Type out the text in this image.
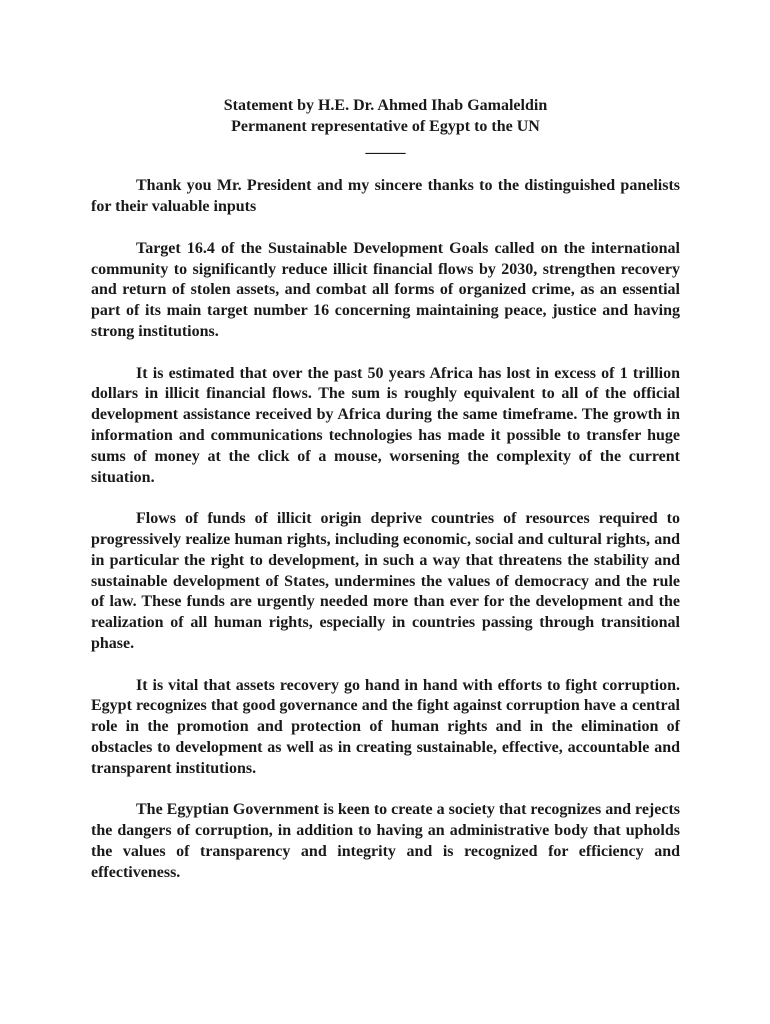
Statement by H.E. Dr. Ahmed Ihab Gamaleldin
Permanent representative of Egypt to the UN
_____

Thank you Mr. President and my sincere thanks to the distinguished panelists for their valuable inputs

Target 16.4 of the Sustainable Development Goals called on the international community to significantly reduce illicit financial flows by 2030, strengthen recovery and return of stolen assets, and combat all forms of organized crime, as an essential part of its main target number 16 concerning maintaining peace, justice and having strong institutions.

It is estimated that over the past 50 years Africa has lost in excess of 1 trillion dollars in illicit financial flows. The sum is roughly equivalent to all of the official development assistance received by Africa during the same timeframe. The growth in information and communications technologies has made it possible to transfer huge sums of money at the click of a mouse, worsening the complexity of the current situation.

Flows of funds of illicit origin deprive countries of resources required to progressively realize human rights, including economic, social and cultural rights, and in particular the right to development, in such a way that threatens the stability and sustainable development of States, undermines the values of democracy and the rule of law. These funds are urgently needed more than ever for the development and the realization of all human rights, especially in countries passing through transitional phase.

It is vital that assets recovery go hand in hand with efforts to fight corruption. Egypt recognizes that good governance and the fight against corruption have a central role in the promotion and protection of human rights and in the elimination of obstacles to development as well as in creating sustainable, effective, accountable and transparent institutions.

The Egyptian Government is keen to create a society that recognizes and rejects the dangers of corruption, in addition to having an administrative body that upholds the values of transparency and integrity and is recognized for efficiency and effectiveness.
